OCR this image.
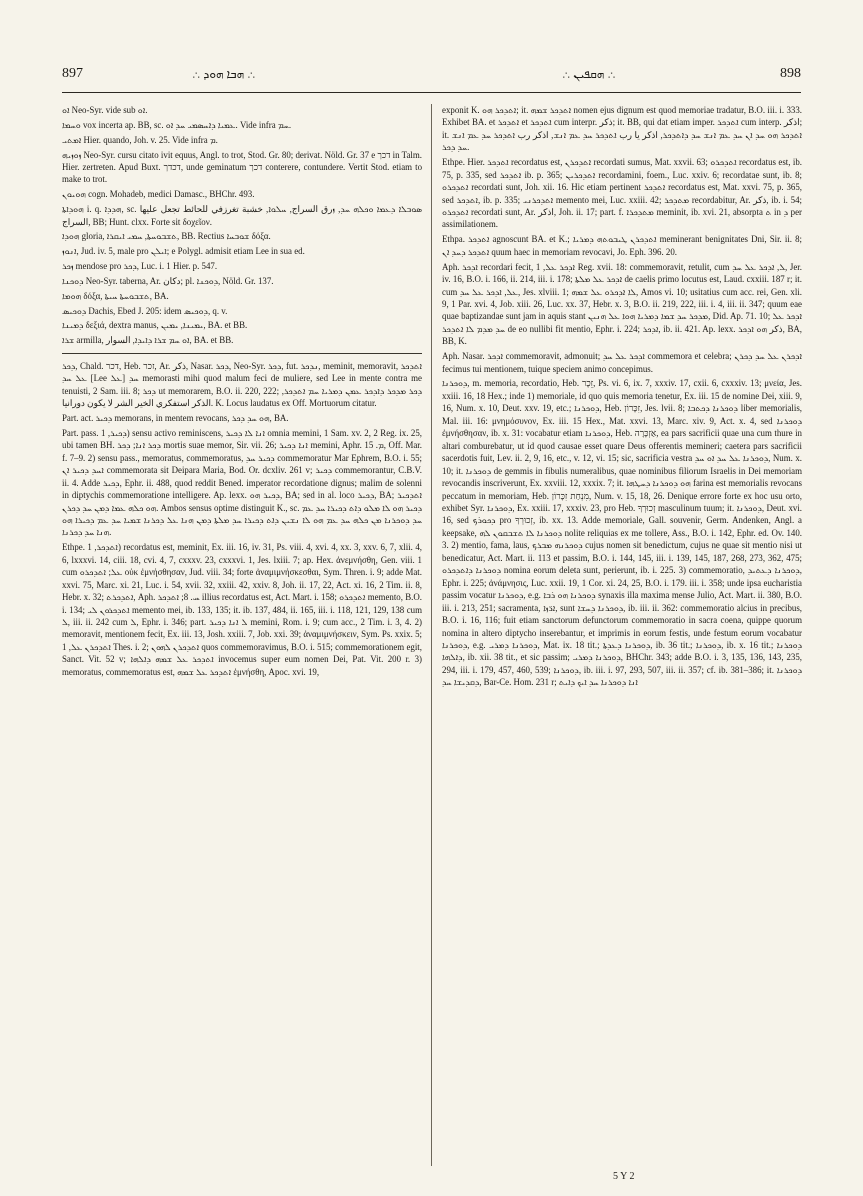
897	∴ ܗܒܐ ܗܘܕ ∴	∴ ܗܩܦܝܢ ∴	898

ܐܘ Neo-Syr. vide sub ܐܘ.

ܘܚܡܐ vox incerta ap. BB, sc. ܥܡܝܐ ܕܐܚܣܡܝ ܚܕ ܐܘ. Vide infra ܚܡ.

ܐܡܬܝ Hier. quando, Joh. v. 25. Vide infra ܡ.

ܙܘܙܝܗ Neo-Syr. cursu citato ivit equus, Angl. to trot, Stod. Gr. 80; derivat. Nöld. Gr. 37 e דכך in Talm. Hier. zertreten. Apud Buxt. דכדך, unde geminatum דכך conterere, contundere. Vertit Stod. etiam to make to trot.

ܗܘܝܘܢ cogn. Mohadeb, medici Damasc., BHChr. 493.

ܗܘܕܐܬܐ i. q. ܗܕܕܐ, sc. ܣܘܒܠܐ ܕܥܡܐ ܘܟܠܗ ܚܕ, ܙرق السراج, ܚܠܘܐ, خشبة تغرزفي للحائط تجعل عليها السراج, BB; Hunt. clxx. Forte sit δοχεῖον.

ܗܘܕܐ gloria, ܬܫܒܘܚܬܐ, ܚܡܝ ܐܝܩܪܐ, BB. Rectius ܫܘܒܚܐ δόξα.

ܐܢܘܙ, Jud. iv. 5, male pro ܐܝܠܢ; e Polygl. admisit etiam Lee in sua ed.

ܙܟܪ mendose pro ܕܟܪ, Luc. i. 1 Hier. p. 547.

ܕܘܟܢܐ Neo-Syr. taberna, Ar. دكان; pl. ܕܘܟܢܐ, Nöld. Gr. 137.

ܗܘܡܐ δόξα, ܬܫܒܘܚܬܐ ܚܝܬܐ, BA.

ܕܘܟܝܣ Dachis, Ebed J. 205: idem ܕܘܟܝܣ, q. v.

ܕܡܝܢܐ δεξιά, dextra manus, ܝܡܝܢܐ, ܝܡܝܢ, BA. et BB.

ܫܪܐ armilla, ܐܘ ܚܡ ܫܪܐ ܕܐܝܕܐ, السوار, BA. et BB.

ܕܟܪ, Chald. דכר, Heb. זכר, Ar. ذكر, Nasar. ܕܟܪ, Neo-Syr. ܕܟܪ, fut. ܢܕܟܪ, meminit, memoravit, ܐܬܕܟܪ ܥܠ ܚܕ [Lee ܥܠ] ܚܕ memorasti mihi quod malum feci de muliere, sed Lee in mente contra me tenuisti, 2 Sam. iii. 8; ܕܟܪ ut memorarem, B.O. ii. 220, 222; ܕܟܪ ܡܕܟܪ ܕܐܕܟܪ ܥܡܢ ܕܡܪܝܐ ܚܡ ܐܬܕܟܪ, الذكر استفكري الخير الشر لا يكون دورانيا. K. Locus laudatus ex Off. Mortuorum citatur.

Part. act. ܕܟܝܪ memorans, in mentem revocans, ܗܘ ܚܕ ܕܟܪ, BA.

Part. pass. ܕܟܝܪ, 1) sensu activo reminiscens, ܐܢܐ ܠܐ ܕܟܝܪ omnia memini, 1 Sam. xv. 2, 2 Reg. ix. 25, ubi tamen BH. ܕܟܪ ܐܢܐ; ܕܟܪ mortis suae memor, Sir. vii. 26; ܐܢܐ ܕܟܝܪ memini, Aphr. ܡ. 15, Off. Mar. f. 7–9. 2) sensu pass., memoratus, commemoratus, ܕܟܝܪ ܚܕ commemoratur Mar Ephrem, B.O. i. 55; ܐܚܕ ܕܟܝܪ ܐܢ commemorata sit Deipara Maria, Bod. Or. dcxliv. 261 v; ܕܟܝܪ commemorantur, C.B.V. ii. 4. Adde ܕܟܝܪ, Ephr. ii. 488, quod reddit Bened. imperator recordatione dignus; malim de solenni in diptychis commemoratione intelligere. Ap. lexx. ܕܟܝܪ ܗܘ, BA; sed in al. loco ܕܟܝܪ, BA; ܐܬܕܟܝܪ ܗܘ ܟܠܗ ܥܡܐ ܕܡܢ ܚܕ ܕܟܪܢ. Ambos sensus optime distinguit K., sc. ܕܟܝܪ ܗܘ ܠܐ ܡܠܘ ܕܐܬ ܕܟܝܪܐ ܚܕ ܥܡ ܚܕ ܕܘܟܪܢܐ ܡܢ ܟܠܗ ܚܕ ܥܡ ܗܘ ܠܐ ܢܫܝܢ ܕܐܬ ܕܟܝܪܐ ܚܕ ܡܠܬܐ ܕܡܢ ܗܢܐ ܥܠ ܕܟܪܢܐ ܫܡܝܐ ܚܕ ܥܡ ܕܟܝܪܐ ܗܘ ܗܢܐ ܚܕ ܕܟܪܢܐ.

Ethpe. ܐܬܕܟܪ, 1) recordatus est, meminit, Ex. iii. 16, iv. 31, Ps. viii. 4, xvi. 4, xx. 3, xxv. 6, 7, xlii. 4, 6, lxxxvi. 14, ciii. 18, cvi. 4, 7, cxxxv. 23, cxxxvi. 1, Jes. lxiii. 7; ap. Hex. ἀνεμνήσθη, Gen. viii. 1 cum ܥܠ; ܐܬܕܟܪܘ οὐκ ἐμνήσθησαν, Jud. viii. 34; forte ἀναμιμνήσκεσθαι, Sym. Thren. i. 9; adde Mat. xxvi. 75, Marc. xi. 21, Luc. i. 54, xvii. 32, xxiii. 42, xxiv. 8, Joh. ii. 17, 22, Act. xi. 16, 2 Tim. ii. 8, Hebr. x. 32; ܐܬܕܟܪܬ, Aph. ܚ. 8; ܐܬܕܟܪ illius recordatus est, Act. Mart. i. 158; ܐܬܕܟܪܘ memento, B.O. i. 134; ܐܬܕܟܪܘܢ ܠܝ memento mei, ib. 133, 135; it. ib. 137, 484, ii. 165, iii. i. 118, 121, 129, 138 cum ܠ, iii. ii. 242 cum ܠ, Ephr. i. 346; part. ܠ ܐܢܐ ܕܟܝܪ memini, Rom. i. 9; cum acc., 2 Tim. i. 3, 4. 2) memoravit, mentionem fecit, Ex. iii. 13, Josh. xxiii. 7, Job. xxi. 39; ἀναμιμνήσκειν, Sym. Ps. xxix. 5; ܐܬܕܟܪܢ ܥܠ, 1 Thes. i. 2; ܐܬܕܟܪܢ ܠܗܘܢ quos commemoravimus, B.O. i. 515; commemorationem egit, Sanct. Vit. 52 v; ܐܬܕܟܪ ܥܠ ܫܡܗ ܕܐܠܗܐ invocemus super eum nomen Dei, Pat. Vit. 200 r. 3) memoratus, commemoratus est, ܐܬܕܟܪ ܥܠ ܫܡܗ ἐμνήσθη, Apoc. xvi. 19,

exponit K. ܐܬܕܟܪ ܗܘ; it. ܐܬܕܟܪ ܫܡܗ nomen ejus dignum est quod memoriae tradatur, B.O. iii. i. 333. Exhibet BA. et ܐܬܕܟܪ et ܐܬܕܟܪ cum interpr. ذكر; it. BB, qui dat etiam imper. ܐܬܕܟܪ cum interp. اذكر; it. ܐܬܕܟܪ ܗܘ ܚܕ ܐܢ ܚܕ ܥܡ ܐܢܫ ܚܕ ܕܐܬܕܟܪ, اذكر يا رب ܐܬܕܟܪ ܚܕ ܥܡ ܐܢܫ, اذكر رب ܐܬܕܟܪ ܚܕ ܥܡ ܐܢܫ ܚܕ ܕܟܪ.

Ethpe. Hier. ܐܬܕܟܪ recordatus est, ܐܬܕܟܪܢ recordati sumus, Mat. xxvii. 63; ܐܬܕܟܪܘ recordatus est, ib. 75, p. 335, sed ܐܬܕܟܪ ib. p. 365; ܐܬܕܟܪܝܢ recordamini, foem., Luc. xxiv. 6; recordatae sunt, ib. 8; ܐܬܕܟܪܘ recordati sunt, Joh. xii. 16. Hic etiam pertinent ܐܬܕܟܪ recordatus est, Mat. xxvi. 75, p. 365, sed ܐܬܕܟܪ, ib. p. 335; ܐܬܕܟܪܢܝ memento mei, Luc. xxiii. 42; ܡܬܕܟܪ recordabitur, Ar. ذكر, ib. i. 54; ܐܬܕܟܪܘ recordati sunt, Ar. اذكر, Joh. ii. 17; part. f. ܡܬܕܟܪܐ meminit, ib. xvi. 21, absorpta ܬ in ܕ per assimilationem.

Ethpa. ܐܬܕܟܪ agnoscunt BA. et K.; ܐܬܕܟܪܢ ܛܝܒܘܬܗ ܕܡܪܝܐ meminerant benignitates Dni, Sir. ii. 8; ܐܬܕܟܪ ܕܚܕ ܐܢ quum haec in memoriam revocavi, Jo. Eph. 396. 20.

Aph. ܐܕܟܪ recordari fecit, ܐܕܟܪ ܥܠ, 1 Reg. xvii. 18: commemoravit, retulit, cum ܠ, ܐܕܟܪ ܥܠ ܚܕ, Jer. iv. 16, B.O. i. 166, ii. 214, iii. i. 178; ܐܕܟܪ ܥܠ ܡܠܬܐ de caelis primo locutus est, Laud. cxxiii. 187 r; it. cum ܥܠ, ܐܕܟܪ ܥܠ ܚܕ, Jes. xlviii. 1; ܠܐ ܐܕܟܪܘ ܥܠ ܫܡܗ, Amos vi. 10; usitatius cum acc. rei, Gen. xli. 9, 1 Par. xvi. 4, Job. xiii. 26, Luc. xx. 37, Hebr. x. 3, B.O. ii. 219, 222, iii. i. 4, iii. ii. 347; quum eae quae baptizandae sunt jam in aquis stant ܡܕܟܪ ܚܕ ܫܡܐ ܕܡܪܝܐ ܗܘܐ ܥܠ ܗܢܝܢ, Did. Ap. 71. 10; ܐܕܟܪ ܥܠ ܚܕ ܡܕܡ ܠܐ ܐܬܕܟܪ de eo nullibi fit mentio, Ephr. i. 224; ܐܕܟܪ, ib. ii. 421. Ap. lexx. ذكر ܗܘ ܐܕܟܪ, BA, BB, K.

Aph. Nasar. ܐܕܟܪ commemoravit, admonuit; ܐܕܟܪ ܥܠ ܚܕ commemora et celebra; ܐܕܟܪܢ ܥܠ ܚܕ ܕܟܪܢ fecimus tui mentionem, tuique speciem animo concepimus.

ܕܘܟܪܢܐ, m. memoria, recordatio, Heb. זֵכֶר, Ps. vi. 6, ix. 7, xxxiv. 17, cxii. 6, cxxxiv. 13; μνεία, Jes. xxiii. 16, 18 Hex.; inde 1) memoriale, id quo quis memoria tenetur, Ex. iii. 15 de nomine Dei, xiii. 9, 16, Num. x. 10, Deut. xxv. 19, etc.; ܕܘܟܪܢܐ, Heb. זִכָּרוֹן, Jes. lvii. 8; ܕܘܟܪܢܐ ܕܟܬܒܐ liber memorialis, Mal. iii. 16: μνημόσυνον, Ex. iii. 15 Hex., Mat. xxvi. 13, Marc. xiv. 9, Act. x. 4, sed ܕܘܟܪܢܐ ἐμνήσθησαν, ib. x. 31: vocabatur etiam ܕܘܟܪܢܐ, Heb. אַזְכָּרָה, ea pars sacrificii quae una cum thure in altari comburebatur, ut id quod causae esset quare Deus offerentis memineri; caetera pars sacrificii sacerdotis fuit, Lev. ii. 2, 9, 16, etc., v. 12, vi. 15; sic, sacrificia vestra ܕܘܟܪܢܐ ܥܠ ܚܕ ܐܘ ܚܕ, Num. x. 10; it. ܕܘܟܪܢܐ de gemmis in fibulis numeralibus, quae nominibus filiorum Israelis in Dei memoriam revocandis inscriverunt, Ex. xxviii. 12, xxxix. 7; it. ܗܘ ܕܘܟܪܢܐ ܕܚܛܗܐ farina est memorialis revocans peccatum in memoriam, Heb. מִנְחַת זִכָּרוֹן, Num. v. 15, 18, 26. Denique errore forte ex hoc usu orto, exhibet Syr. ܕܘܟܪܢܐ, Ex. xxiii. 17, xxxiv. 23, pro Heb. זְכוּרְךָ masculinum tuum; it. ܕܘܟܪܢܐ, Deut. xvi. 16, sed ܕܟܘܪܟ pro זְכוּרְךָ, ib. xx. 13. Adde memoriale, Gall. souvenir, Germ. Andenken, Angl. a keepsake, ܕܘܟܪܢܐ ܠܐ ܬܫܒܩܘܢ ܠܗ nolite reliquias ex me tollere, Ass., B.O. i. 142, Ephr. ed. Ov. 140. 3. 2) mentio, fama, laus, ܕܘܟܪܢܗ ܡܒܪܟ cujus nomen sit benedictum, cujus ne quae sit mentio nisi ut benedicatur, Act. Mart. ii. 113 et passim, B.O. i. 144, 145, iii. i. 139, 145, 187, 268, 273, 362, 475; ܕܘܟܪܢܐ ܕܐܬܕܟܪܘ nomina eorum deleta sunt, perierunt, ib. i. 225. 3) commemoratio, ܕܘܟܪܢܐ ܕܥܬܝܕ, Ephr. i. 225; ἀνάμνησις, Luc. xxii. 19, 1 Cor. xi. 24, 25, B.O. i. 179. iii. i. 358; unde ipsa eucharistia passim vocatur ܕܘܟܪܢܐ, e.g. ܕܘܟܪܢܐ ܗܘ ܪܒܐ synaxis illa maxima mense Julio, Act. Mart. ii. 380, B.O. iii. i. 213, 251; sacramenta, ܐܪ̈ܙܐ, sunt ܕܘܟܪܢܐ ܕܚܫܐ, ib. iii. ii. 362: commemoratio alcius in precibus, B.O. i. 16, 116; fuit etiam sanctorum defunctorum commemoratio in sacra coena, quippe quorum nomina in altero diptycho inserebantur, et imprimis in eorum festis, unde festum eorum vocabatur ܕܘܟܪܢܐ, e.g. ܕܘܟܪܢܐ ܕܡܪܝ, Mat. ix. 18 tit.; ܕܘܟܪܢܐ ܕܥܕܬܐ, ib. 36 tit.; ܕܘܟܪܢܐ, ib. x. 16 tit.; ܕܘܟܪܢܐ ܕܐܠܗܐ, ib. xii. 38 tit., et sic passim; ܕܘܟܪܢܐ ܕܡܪܝ, BHChr. 343; adde B.O. i. 3, 135, 136, 143, 235, 294, iii. i. 179, 457, 460, 539; ܕܘܟܪܢܐ, ib. iii. i. 97, 293, 507, iii. ii. 357; cf. ib. 381–386; it. ܕܘܟܪܢܐ ܕܩܕܝܫܐ ܚܕ, Bar-Ce. Hom. 231 r; ܐܢܐ ܕܘܟܪܢܐ ܚܕ ܐܝܟ ܕܐܝܬ

5 Y 2
